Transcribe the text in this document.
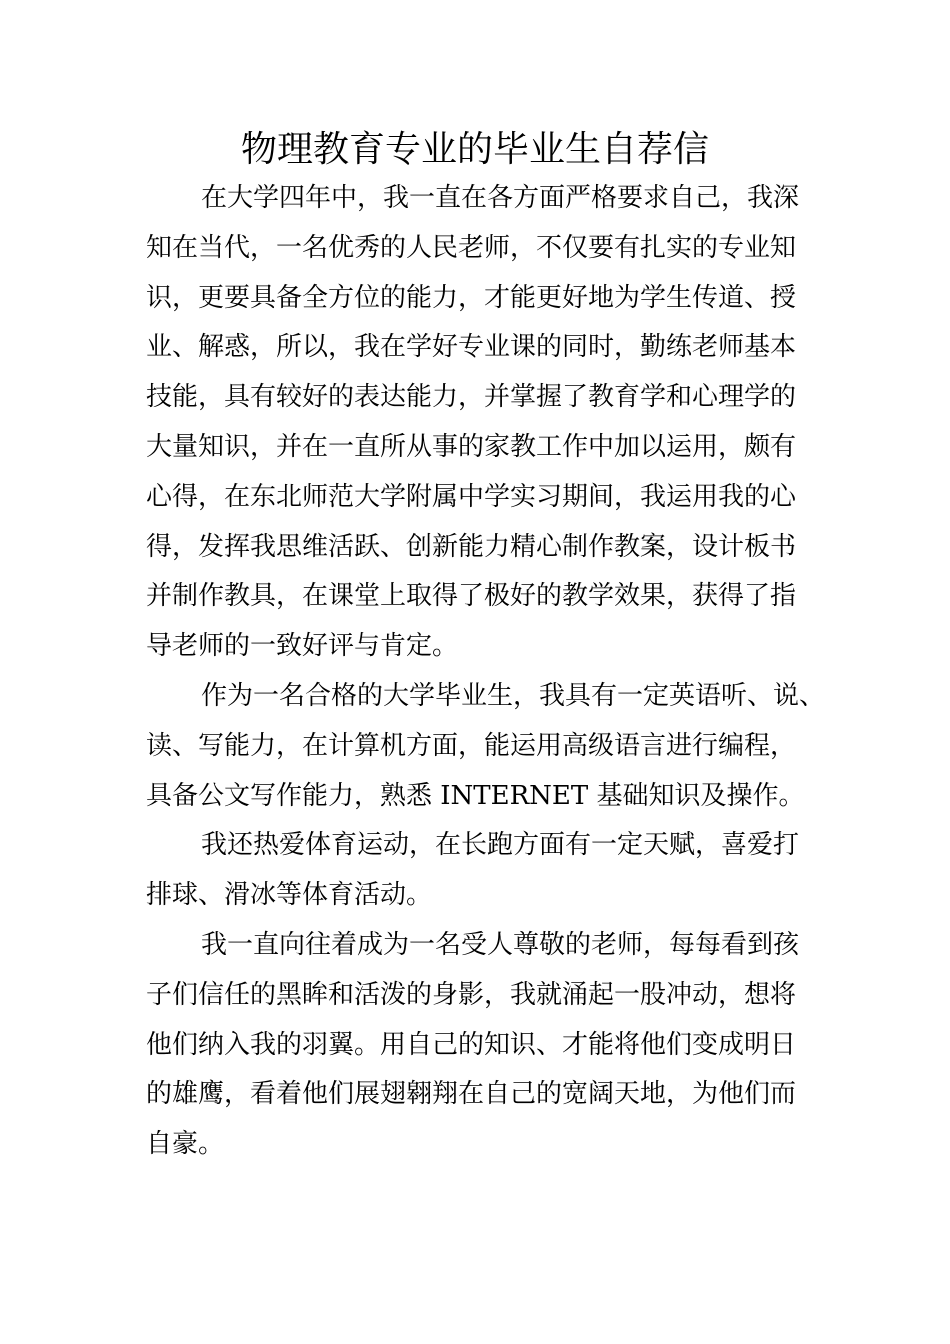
物理教育专业的毕业生自荐信
在大学四年中，我一直在各方面严格要求自己，我深
知在当代，一名优秀的人民老师，不仅要有扎实的专业知
识，更要具备全方位的能力，才能更好地为学生传道、授
业、解惑，所以，我在学好专业课的同时，勤练老师基本
技能，具有较好的表达能力，并掌握了教育学和心理学的
大量知识，并在一直所从事的家教工作中加以运用，颇有
心得，在东北师范大学附属中学实习期间，我运用我的心
得，发挥我思维活跃、创新能力精心制作教案，设计板书
并制作教具，在课堂上取得了极好的教学效果，获得了指
导老师的一致好评与肯定。
作为一名合格的大学毕业生，我具有一定英语听、说、
读、写能力，在计算机方面，能运用高级语言进行编程，
具备公文写作能力，熟悉 INTERNET 基础知识及操作。
我还热爱体育运动，在长跑方面有一定天赋，喜爱打
排球、滑冰等体育活动。
我一直向往着成为一名受人尊敬的老师，每每看到孩
子们信任的黑眸和活泼的身影，我就涌起一股冲动，想将
他们纳入我的羽翼。用自己的知识、才能将他们变成明日
的雄鹰，看着他们展翅翱翔在自己的宽阔天地，为他们而
自豪。
